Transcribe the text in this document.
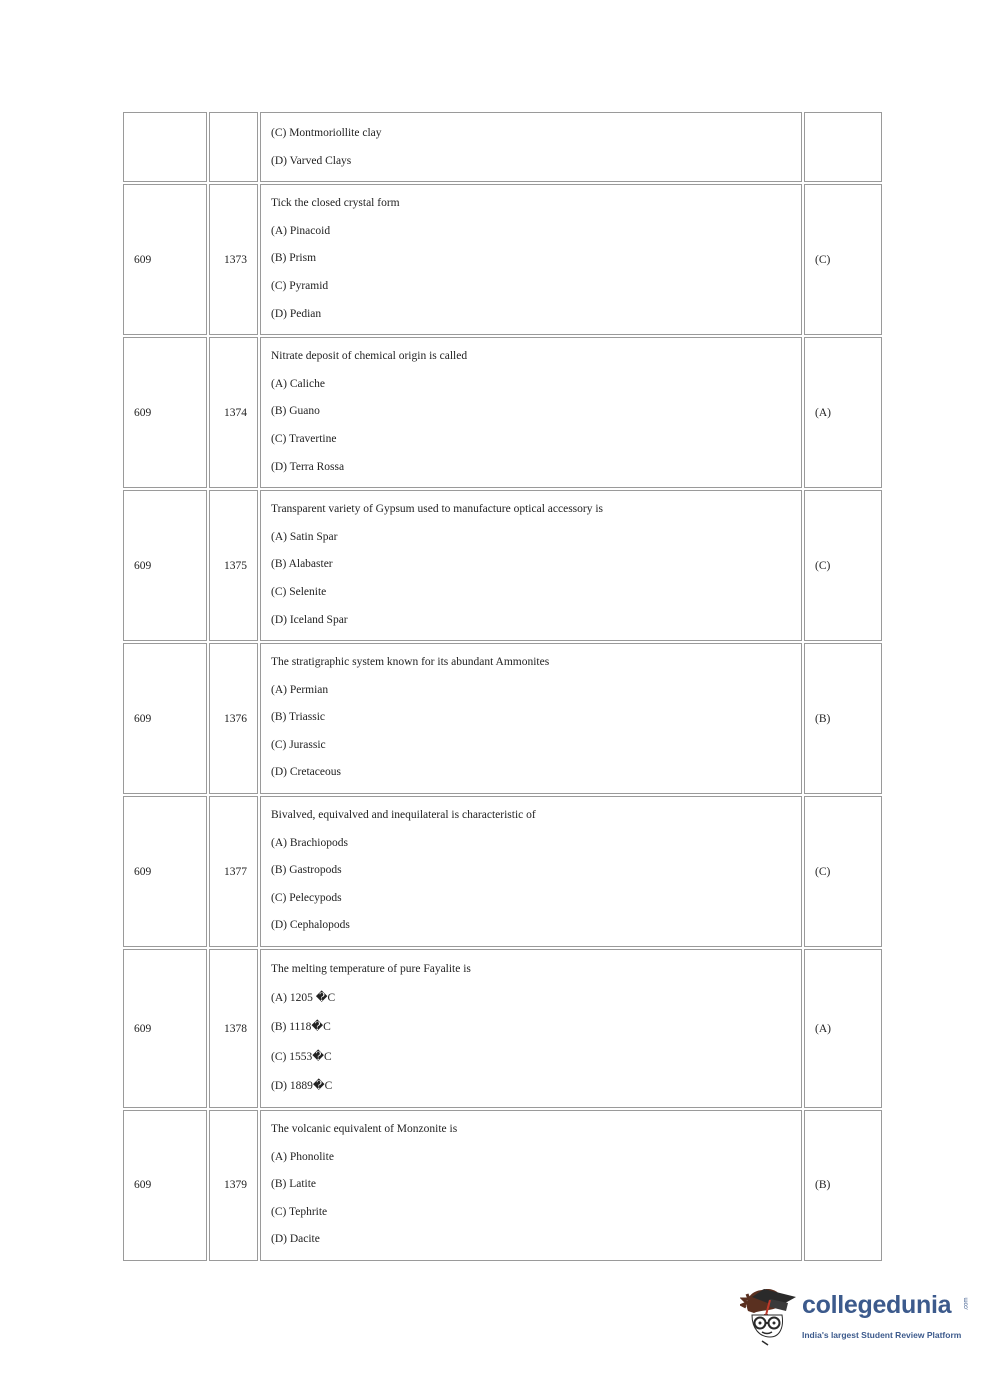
		(C) Montmoriollite clay
(D) Varved Clays	

609	1373	Tick the closed crystal form
(A) Pinacoid
(B) Prism
(C) Pyramid
(D) Pedian	(C)
609	1374	Nitrate deposit of chemical origin is called
(A) Caliche
(B) Guano
(C) Travertine
(D) Terra Rossa	(A)
609	1375	Transparent variety of Gypsum used to manufacture optical accessory is
(A) Satin Spar
(B) Alabaster
(C) Selenite
(D) Iceland Spar	(C)
609	1376	The stratigraphic system known for its abundant Ammonites
(A) Permian
(B) Triassic
(C) Jurassic
(D) Cretaceous	(B)
609	1377	Bivalved, equivalved and inequilateral is characteristic of
(A) Brachiopods
(B) Gastropods
(C) Pelecypods
(D) Cephalopods	(C)
609	1378	The melting temperature of pure Fayalite is
(A) 1205 �C
(B) 1118�C
(C) 1553�C
(D) 1889�C	(A)
609	1379	The volcanic equivalent of Monzonite is
(A) Phonolite
(B) Latite
(C) Tephrite
(D) Dacite	(B)
collegedunia .com
India's largest Student Review Platform
